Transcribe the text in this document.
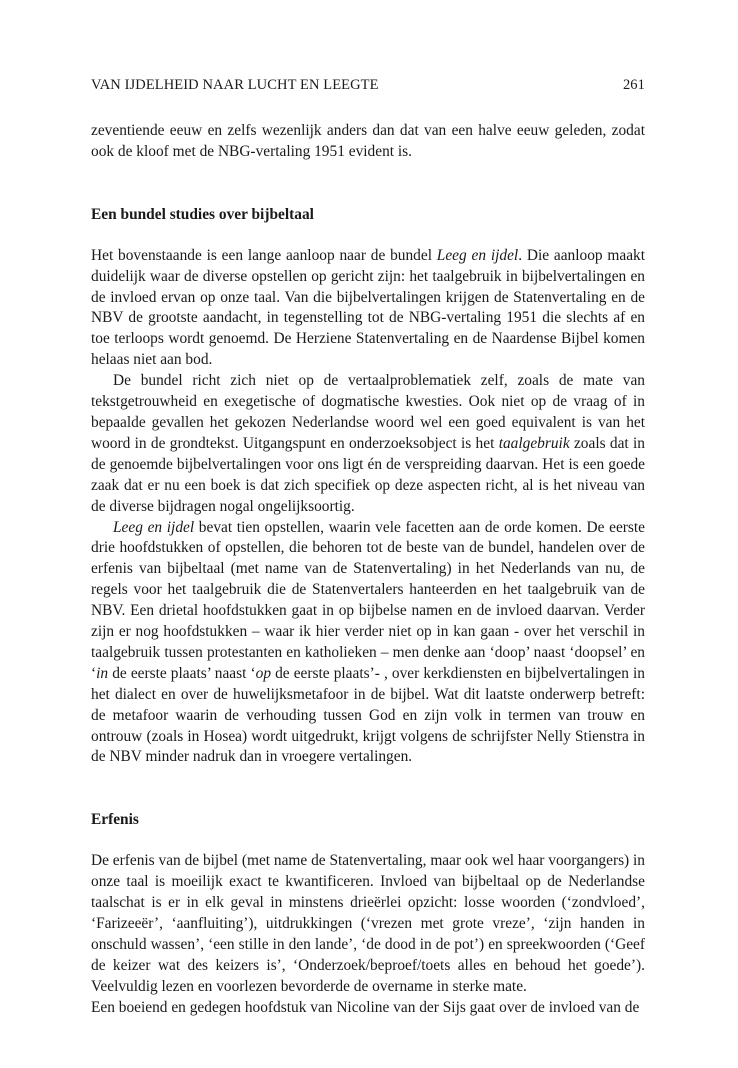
VAN IJDELHEID NAAR LUCHT EN LEEGTE	261

zeventiende eeuw en zelfs wezenlijk anders dan dat van een halve eeuw geleden, zodat ook de kloof met de NBG-vertaling 1951 evident is.

Een bundel studies over bijbeltaal

Het bovenstaande is een lange aanloop naar de bundel Leeg en ijdel. Die aanloop maakt duidelijk waar de diverse opstellen op gericht zijn: het taalgebruik in bijbelvertalingen en de invloed ervan op onze taal. Van die bijbelvertalingen krijgen de Statenvertaling en de NBV de grootste aandacht, in tegenstelling tot de NBG-vertaling 1951 die slechts af en toe terloops wordt genoemd. De Herziene Statenvertaling en de Naardense Bijbel komen helaas niet aan bod.

De bundel richt zich niet op de vertaalproblematiek zelf, zoals de mate van tekstgetrouwheid en exegetische of dogmatische kwesties. Ook niet op de vraag of in bepaalde gevallen het gekozen Nederlandse woord wel een goed equivalent is van het woord in de grondtekst. Uitgangspunt en onderzoeksobject is het taalgebruik zoals dat in de genoemde bijbelvertalingen voor ons ligt én de verspreiding daarvan. Het is een goede zaak dat er nu een boek is dat zich specifiek op deze aspecten richt, al is het niveau van de diverse bijdragen nogal ongelijksoortig.

Leeg en ijdel bevat tien opstellen, waarin vele facetten aan de orde komen. De eerste drie hoofdstukken of opstellen, die behoren tot de beste van de bundel, handelen over de erfenis van bijbeltaal (met name van de Statenvertaling) in het Nederlands van nu, de regels voor het taalgebruik die de Statenvertalers hanteerden en het taalgebruik van de NBV. Een drietal hoofdstukken gaat in op bijbelse namen en de invloed daarvan. Verder zijn er nog hoofdstukken – waar ik hier verder niet op in kan gaan - over het verschil in taalgebruik tussen protestanten en katholieken – men denke aan ‘doop’ naast ‘doopsel’ en ‘in de eerste plaats’ naast ‘op de eerste plaats’- , over kerkdiensten en bijbelvertalingen in het dialect en over de huwelijksmetafoor in de bijbel. Wat dit laatste onderwerp betreft: de metafoor waarin de verhouding tussen God en zijn volk in termen van trouw en ontrouw (zoals in Hosea) wordt uitgedrukt, krijgt volgens de schrijfster Nelly Stienstra in de NBV minder nadruk dan in vroegere vertalingen.

Erfenis

De erfenis van de bijbel (met name de Statenvertaling, maar ook wel haar voorgangers) in onze taal is moeilijk exact te kwantificeren. Invloed van bijbeltaal op de Nederlandse taalschat is er in elk geval in minstens drieërlei opzicht: losse woorden (‘zondvloed’, ‘Farizeeër’, ‘aanfluiting’), uitdrukkingen (‘vrezen met grote vreze’, ‘zijn handen in onschuld wassen’, ‘een stille in den lande’, ‘de dood in de pot’) en spreekwoorden (‘Geef de keizer wat des keizers is’, ‘Onderzoek/beproef/toets alles en behoud het goede’). Veelvuldig lezen en voorlezen bevorderde de overname in sterke mate.

Een boeiend en gedegen hoofdstuk van Nicoline van der Sijs gaat over de invloed van de
